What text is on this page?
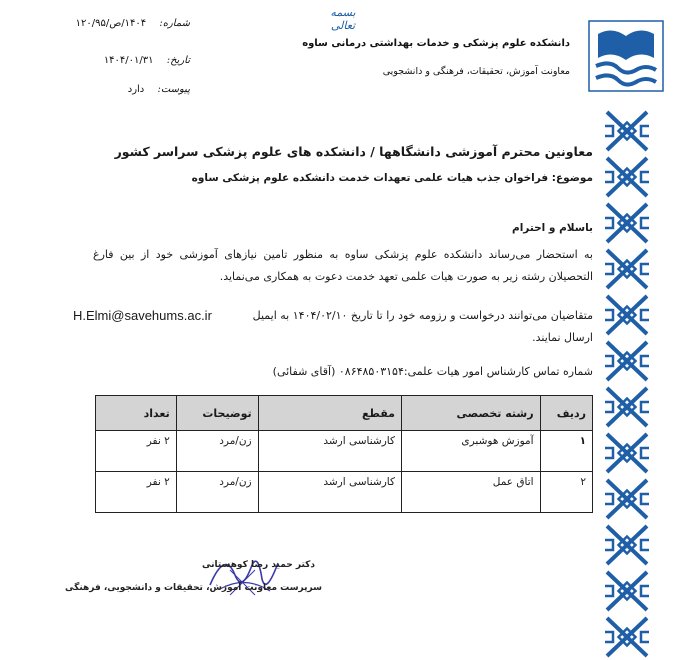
بسمه تعالی
دانشکده علوم پزشکی و خدمات بهداشتی درمانی ساوه
معاونت آموزش، تحقیقات، فرهنگی و دانشجویی
شماره: ۱۴۰۴/ص/۱۲۰/۹۵
تاریخ: ۱۴۰۴/۰۱/۳۱
پیوست: دارد
معاونین محترم آموزشی دانشگاهها / دانشکده های علوم پزشکی سراسر کشور
موضوع: فراخوان جذب هیات علمی تعهدات خدمت دانشکده علوم پزشکی ساوه
باسلام و احترام
به استحضار می‌رساند دانشکده علوم پزشکی ساوه به منظور تامین نیازهای آموزشی خود از بین فارغ التحصیلان رشته زیر به صورت هیات علمی تعهد خدمت دعوت به همکاری می‌نماید.
H.Elmi@savehums.ac.ir	متقاضیان می‌توانند درخواست و رزومه خود را تا تاریخ ۱۴۰۴/۰۲/۱۰ به ایمیل
ارسال نمایند.
شماره تماس کارشناس امور هیات علمی:۰۸۶۴۸۵۰۳۱۵۴ (آقای شفائی)
ردیف	رشته تخصصی	مقطع	توضیحات	تعداد
۱	آموزش هوشبری	کارشناسی ارشد	زن/مرد	۲ نفر
۲	اتاق عمل	کارشناسی ارشد	زن/مرد	۲ نفر
دکتر حمید رضا کوهستانی
سرپرست معاونت آموزش، تحقیقات و دانشجویی، فرهنگی
